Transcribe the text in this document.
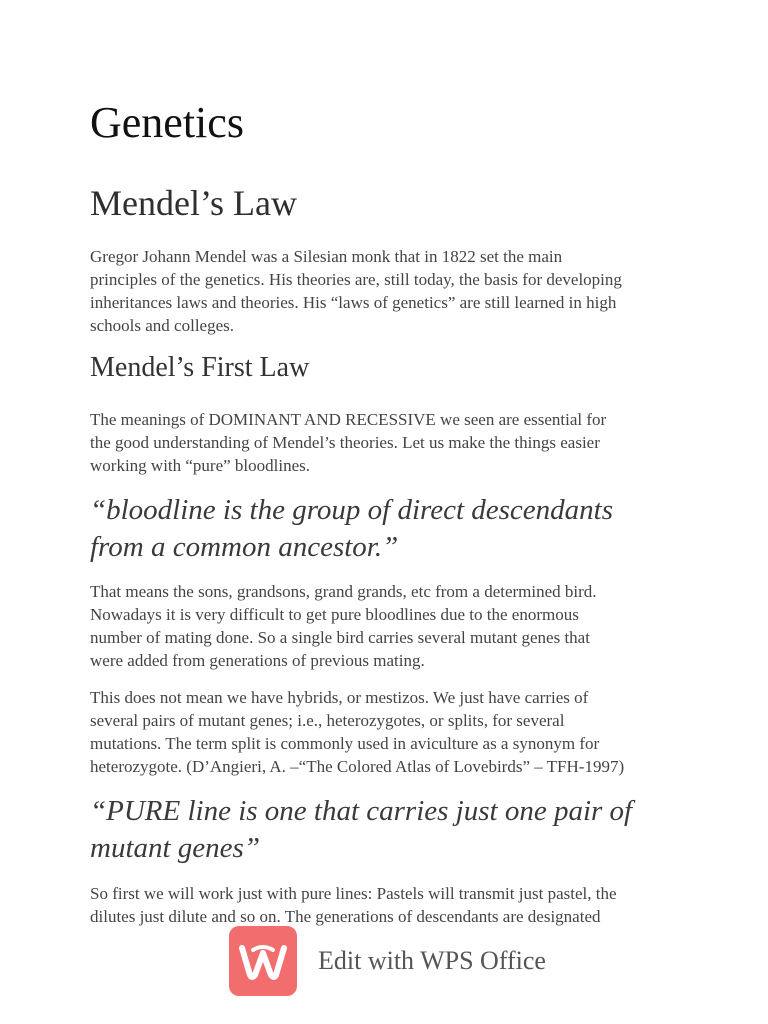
Genetics
Mendel’s Law

Gregor Johann Mendel was a Silesian monk that in 1822 set the main
principles of the genetics. His theories are, still today, the basis for developing
inheritances laws and theories. His “laws of genetics” are still learned in high
schools and colleges.

Mendel’s First Law

The meanings of DOMINANT AND RECESSIVE we seen are essential for
the good understanding of Mendel’s theories. Let us make the things easier
working with “pure” bloodlines.

“bloodline is the group of direct descendants
from a common ancestor.”

That means the sons, grandsons, grand grands, etc from a determined bird.
Nowadays it is very difficult to get pure bloodlines due to the enormous
number of mating done. So a single bird carries several mutant genes that
were added from generations of previous mating.

This does not mean we have hybrids, or mestizos. We just have carries of
several pairs of mutant genes; i.e., heterozygotes, or splits, for several
mutations. The term split is commonly used in aviculture as a synonym for
heterozygote. (D’Angieri, A. –“The Colored Atlas of Lovebirds” – TFH-1997)

“PURE line is one that carries just one pair of
mutant genes”

So first we will work just with pure lines: Pastels will transmit just pastel, the
dilutes just dilute and so on. The generations of descendants are designated

Edit with WPS Office
